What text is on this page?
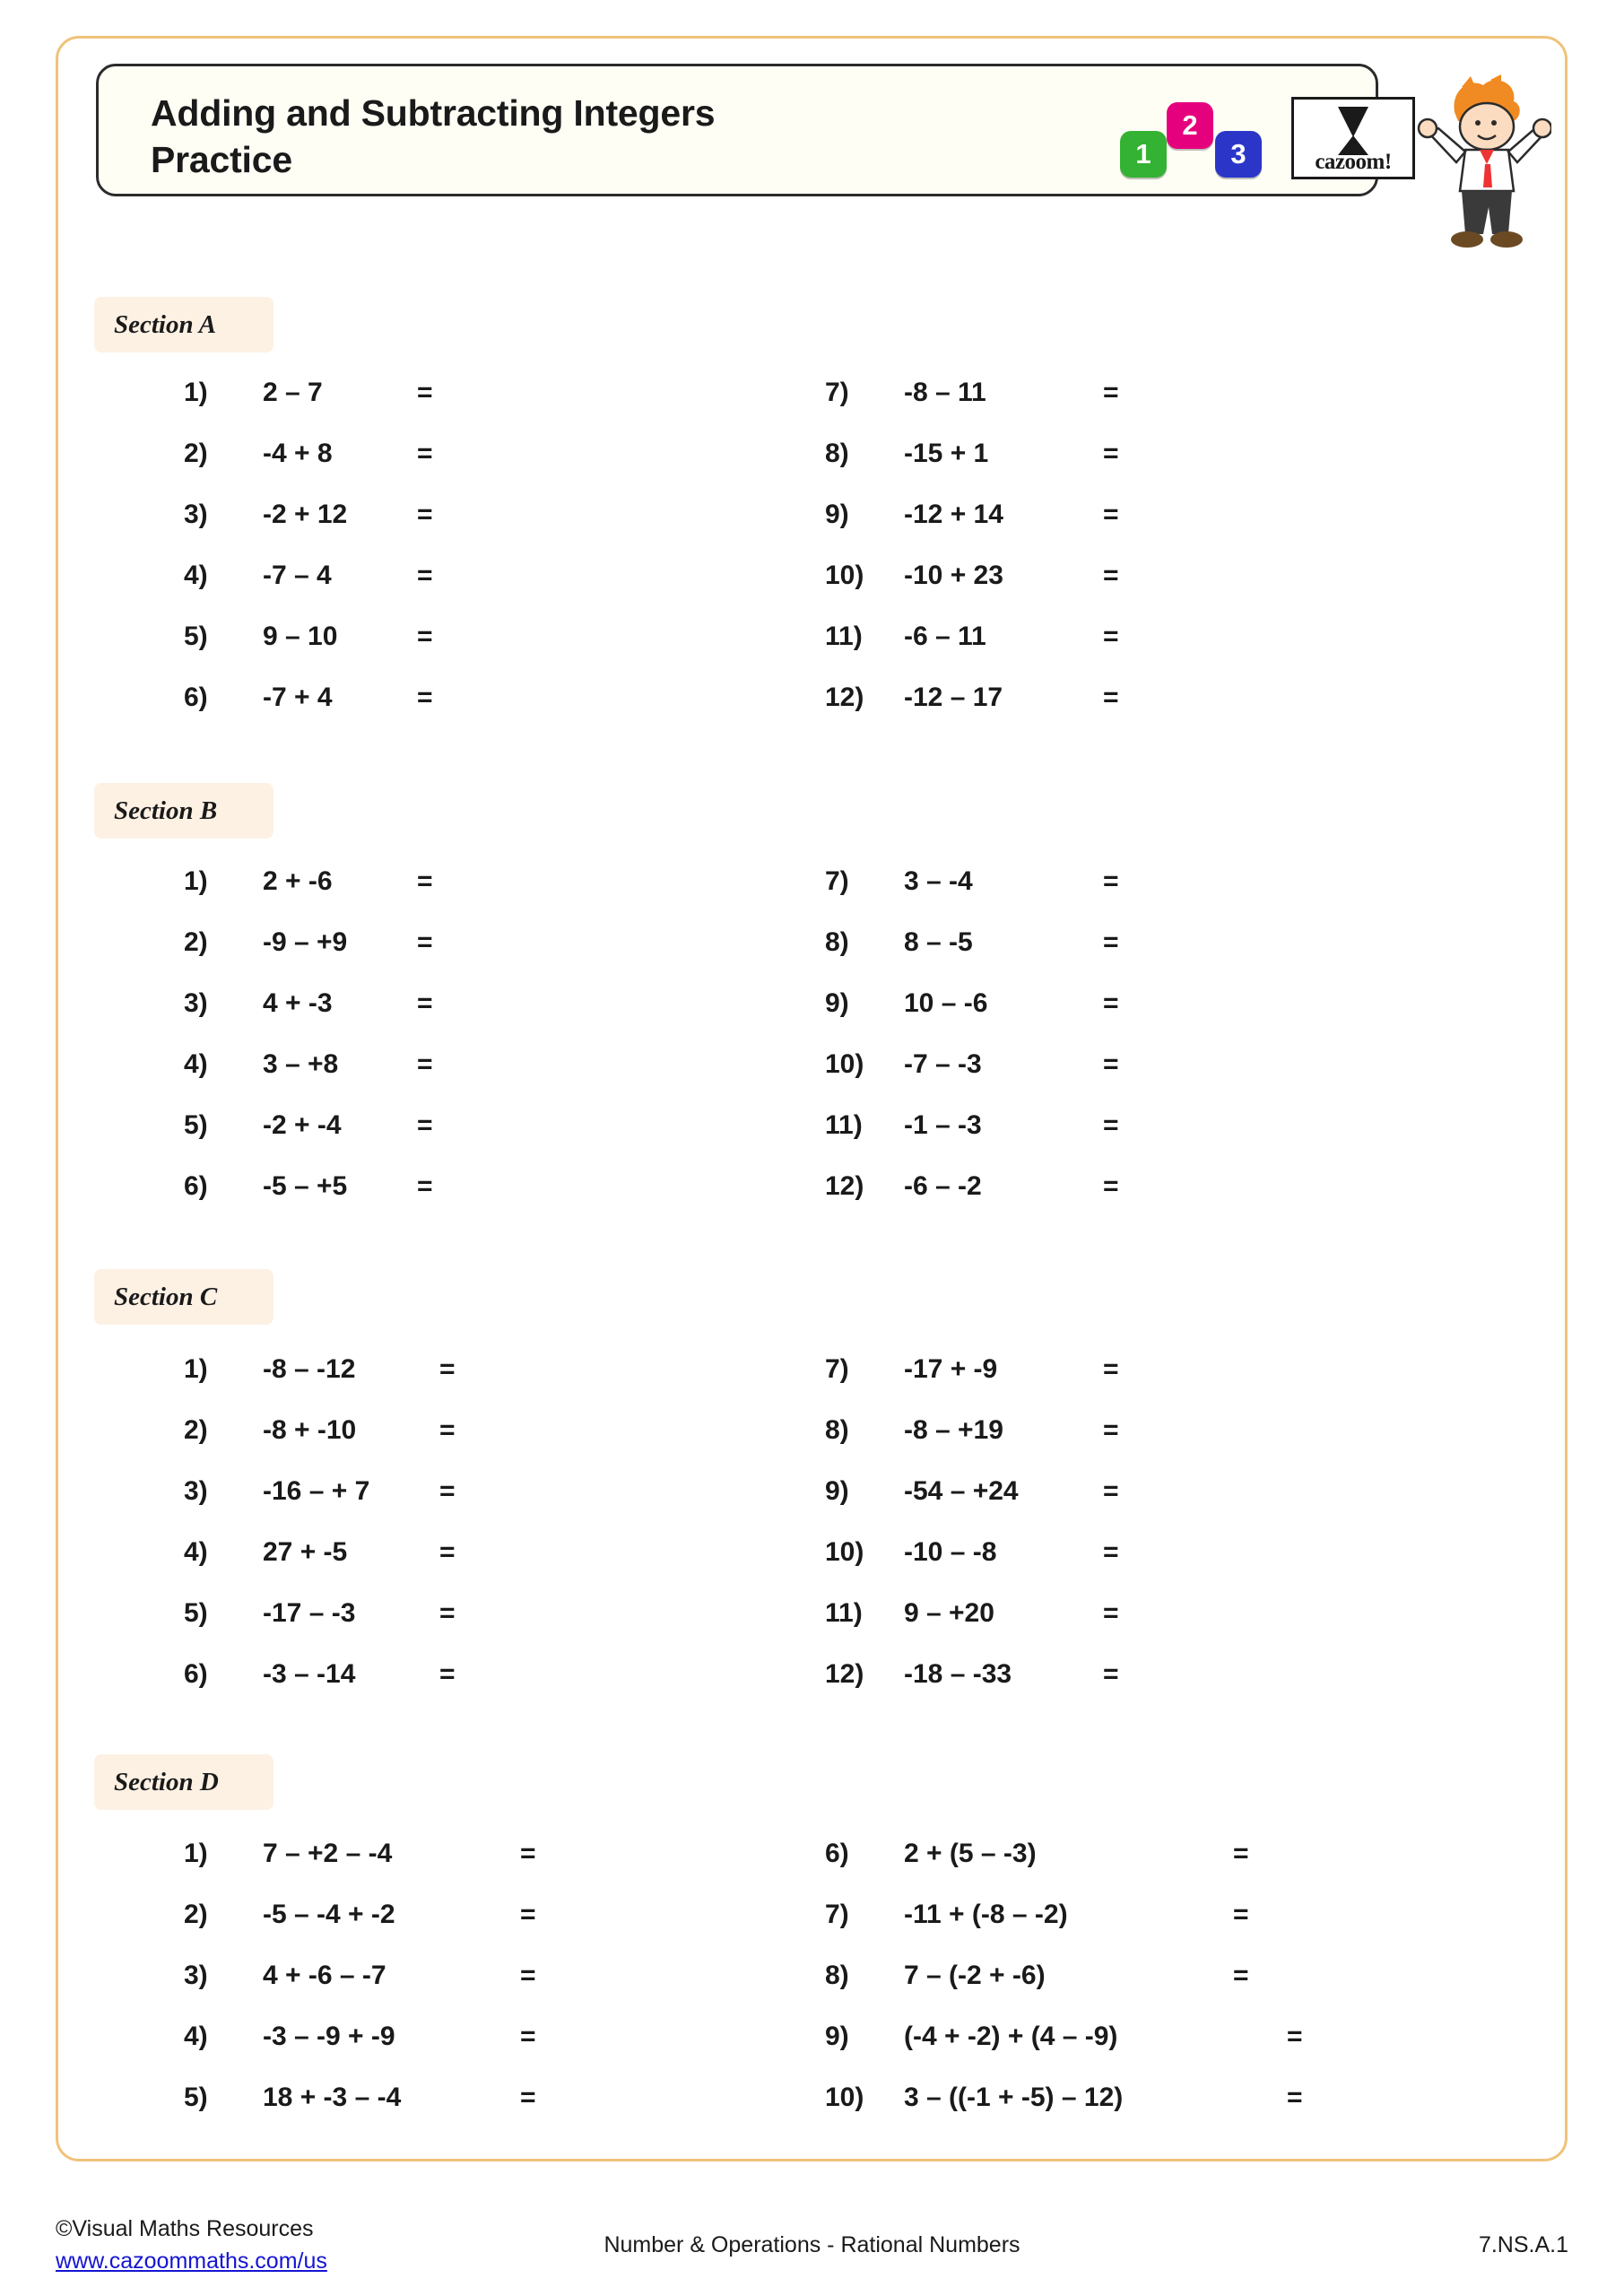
Adding and Subtracting Integers Practice	1
2
3	cazoom!
Section A
1)	2 – 7	=
2)	-4 + 8	=
3)	-2 + 12	=
4)	-7 – 4	=
5)	9 – 10	=
6)	-7 + 4	=
7)	-8 – 11	=
8)	-15 + 1	=
9)	-12 + 14	=
10)	-10 + 23	=
11)	-6 – 11	=
12)	-12 – 17	=
Section B
1)	2 + -6	=
2)	-9 – +9	=
3)	4 + -3	=
4)	3 – +8	=
5)	-2 + -4	=
6)	-5 – +5	=
7)	3 – -4	=
8)	8 – -5	=
9)	10 – -6	=
10)	-7 – -3	=
11)	-1 – -3	=
12)	-6 – -2	=
Section C
1)	-8 – -12	=
2)	-8 + -10	=
3)	-16 – + 7	=
4)	27 + -5	=
5)	-17 – -3	=
6)	-3 – -14	=
7)	-17 + -9	=
8)	-8 – +19	=
9)	-54 – +24	=
10)	-10 – -8	=
11)	9 – +20	=
12)	-18 – -33	=
Section D
1)	7 – +2 – -4	=
2)	-5 – -4 + -2	=
3)	4 + -6 – -7	=
4)	-3 – -9 + -9	=
5)	18 + -3 – -4	=
6)	2 + (5 – -3)	=
7)	-11 + (-8 – -2)	=
8)	7 – (-2 + -6)	=
9)	(-4 + -2) + (4 – -9)	=
10)	3 – ((-1 + -5) – 12)	=
©Visual Maths Resources
www.cazoommaths.com/us
Number & Operations - Rational Numbers	7.NS.A.1
